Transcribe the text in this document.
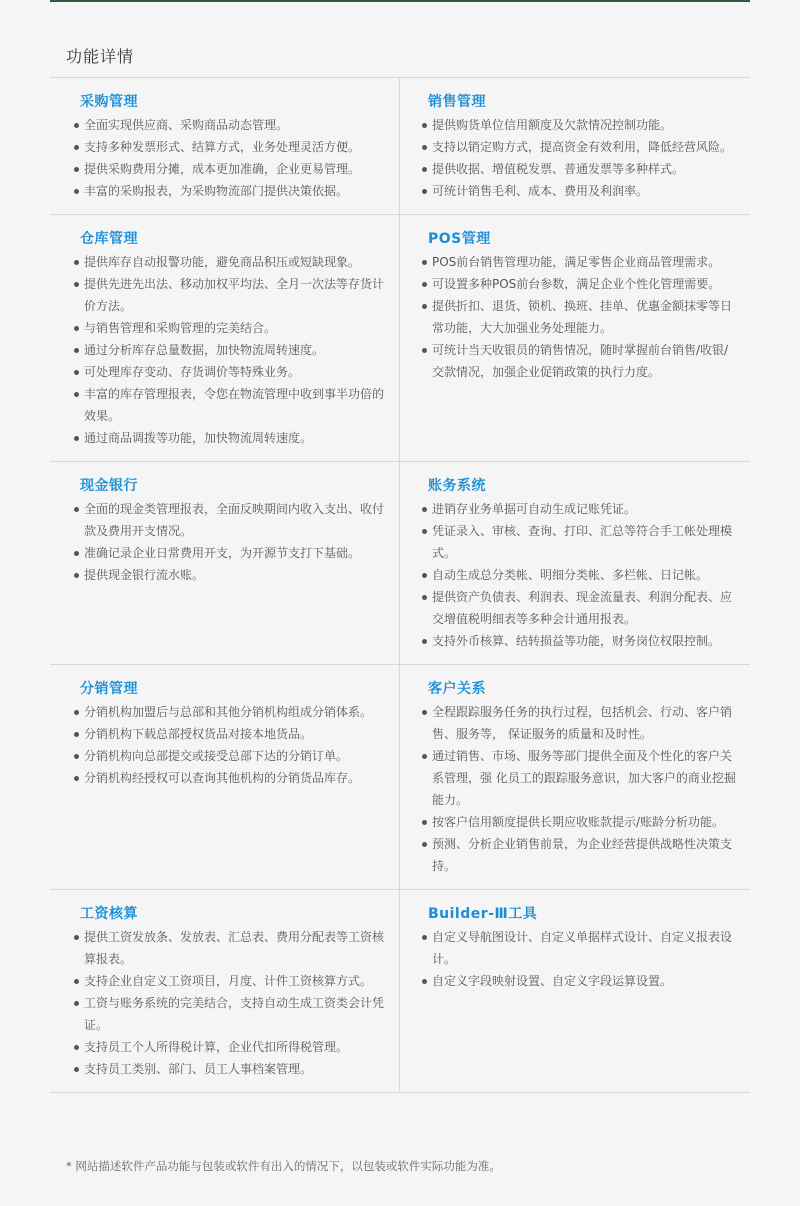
功能详情
采购管理
全面实现供应商、采购商品动态管理。
支持多种发票形式、结算方式，业务处理灵活方便。
提供采购费用分摊，成本更加准确，企业更易管理。
丰富的采购报表，为采购物流部门提供决策依据。
销售管理
提供购货单位信用额度及欠款情况控制功能。
支持以销定购方式，提高资金有效利用，降低经营风险。
提供收据、增值税发票、普通发票等多种样式。
可统计销售毛利、成本、费用及利润率。
仓库管理
提供库存自动报警功能，避免商品积压或短缺现象。
提供先进先出法、移动加权平均法、全月一次法等存货计价方法。
与销售管理和采购管理的完美结合。
通过分析库存总量数据，加快物流周转速度。
可处理库存变动、存货调价等特殊业务。
丰富的库存管理报表，令您在物流管理中收到事半功倍的效果。
通过商品调拨等功能，加快物流周转速度。
POS管理
POS前台销售管理功能，满足零售企业商品管理需求。
可设置多种POS前台参数，满足企业个性化管理需要。
提供折扣、退货、锁机、换班、挂单、优惠金额抹零等日常功能，大大加强业务处理能力。
可统计当天收银员的销售情况，随时掌握前台销售/收银/交款情况，加强企业促销政策的执行力度。
现金银行
全面的现金类管理报表，全面反映期间内收入支出、收付款及费用开支情况。
准确记录企业日常费用开支，为开源节支打下基础。
提供现金银行流水账。
账务系统
进销存业务单据可自动生成记账凭证。
凭证录入、审核、查询、打印、汇总等符合手工帐处理模式。
自动生成总分类帐、明细分类帐、多栏帐、日记帐。
提供资产负债表、利润表、现金流量表、利润分配表、应交增值税明细表等多种会计通用报表。
支持外币核算、结转损益等功能，财务岗位权限控制。
分销管理
分销机构加盟后与总部和其他分销机构组成分销体系。
分销机构下载总部授权货品对接本地货品。
分销机构向总部提交或接受总部下达的分销订单。
分销机构经授权可以查询其他机构的分销货品库存。
客户关系
全程跟踪服务任务的执行过程，包括机会、行动、客户销售、服务等， 保证服务的质量和及时性。
通过销售、市场、服务等部门提供全面及个性化的客户关系管理，强 化员工的跟踪服务意识，加大客户的商业挖掘能力。
按客户信用额度提供长期应收账款提示/账龄分析功能。
预测、分析企业销售前景，为企业经营提供战略性决策支持。
工资核算
提供工资发放条、发放表、汇总表、费用分配表等工资核算报表。
支持企业自定义工资项目，月度、计件工资核算方式。
工资与账务系统的完美结合，支持自动生成工资类会计凭证。
支持员工个人所得税计算，企业代扣所得税管理。
支持员工类别、部门、员工人事档案管理。
Builder-Ⅲ工具
自定义导航图设计、自定义单据样式设计、自定义报表设计。
自定义字段映射设置、自定义字段运算设置。
* 网站描述软件产品功能与包装或软件有出入的情况下，以包装或软件实际功能为准。
